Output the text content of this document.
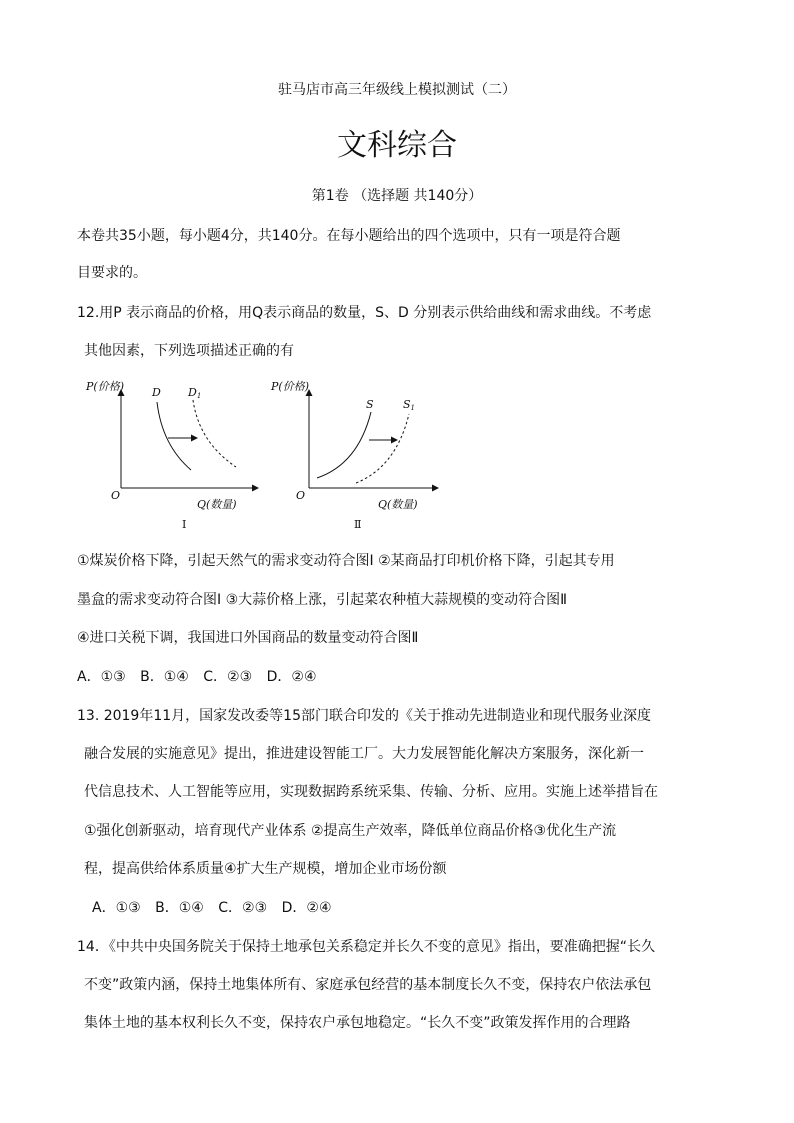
驻马店市高三年级线上模拟测试（二）
文科综合
第1卷 （选择题 共140分）
本卷共35小题，每小题4分，共140分。在每小题给出的四个选项中，只有一项是符合题
目要求的。
12.用P 表示商品的价格，用Q表示商品的数量，S、D 分别表示供给曲线和需求曲线。不考虑
其他因素，下列选项描述正确的有
P(价格)
O
Q(数量)
D D1
Ⅰ
P(价格)
O
Q(数量)
S	S1
Ⅱ
①煤炭价格下降，引起天然气的需求变动符合图Ⅰ ②某商品打印机价格下降，引起其专用
墨盒的需求变动符合图Ⅰ ③大蒜价格上涨，引起菜农种植大蒜规模的变动符合图Ⅱ
④进口关税下调，我国进口外国商品的数量变动符合图Ⅱ
A．①③ B．①④ C．②③ D．②④
13. 2019年11月，国家发改委等15部门联合印发的《关于推动先进制造业和现代服务业深度
融合发展的实施意见》提出，推进建设智能工厂。大力发展智能化解决方案服务，深化新一
代信息技术、人工智能等应用，实现数据跨系统采集、传输、分析、应用。实施上述举措旨在
①强化创新驱动，培育现代产业体系 ②提高生产效率，降低单位商品价格③优化生产流
程，提高供给体系质量④扩大生产规模，增加企业市场份额
A．①③ B．①④ C．②③ D．②④
14．《中共中央国务院关于保持土地承包关系稳定并长久不变的意见》指出，要准确把握“长久
不变”政策内涵，保持土地集体所有、家庭承包经营的基本制度长久不变，保持农户依法承包
集体土地的基本权利长久不变，保持农户承包地稳定。“长久不变”政策发挥作用的合理路
